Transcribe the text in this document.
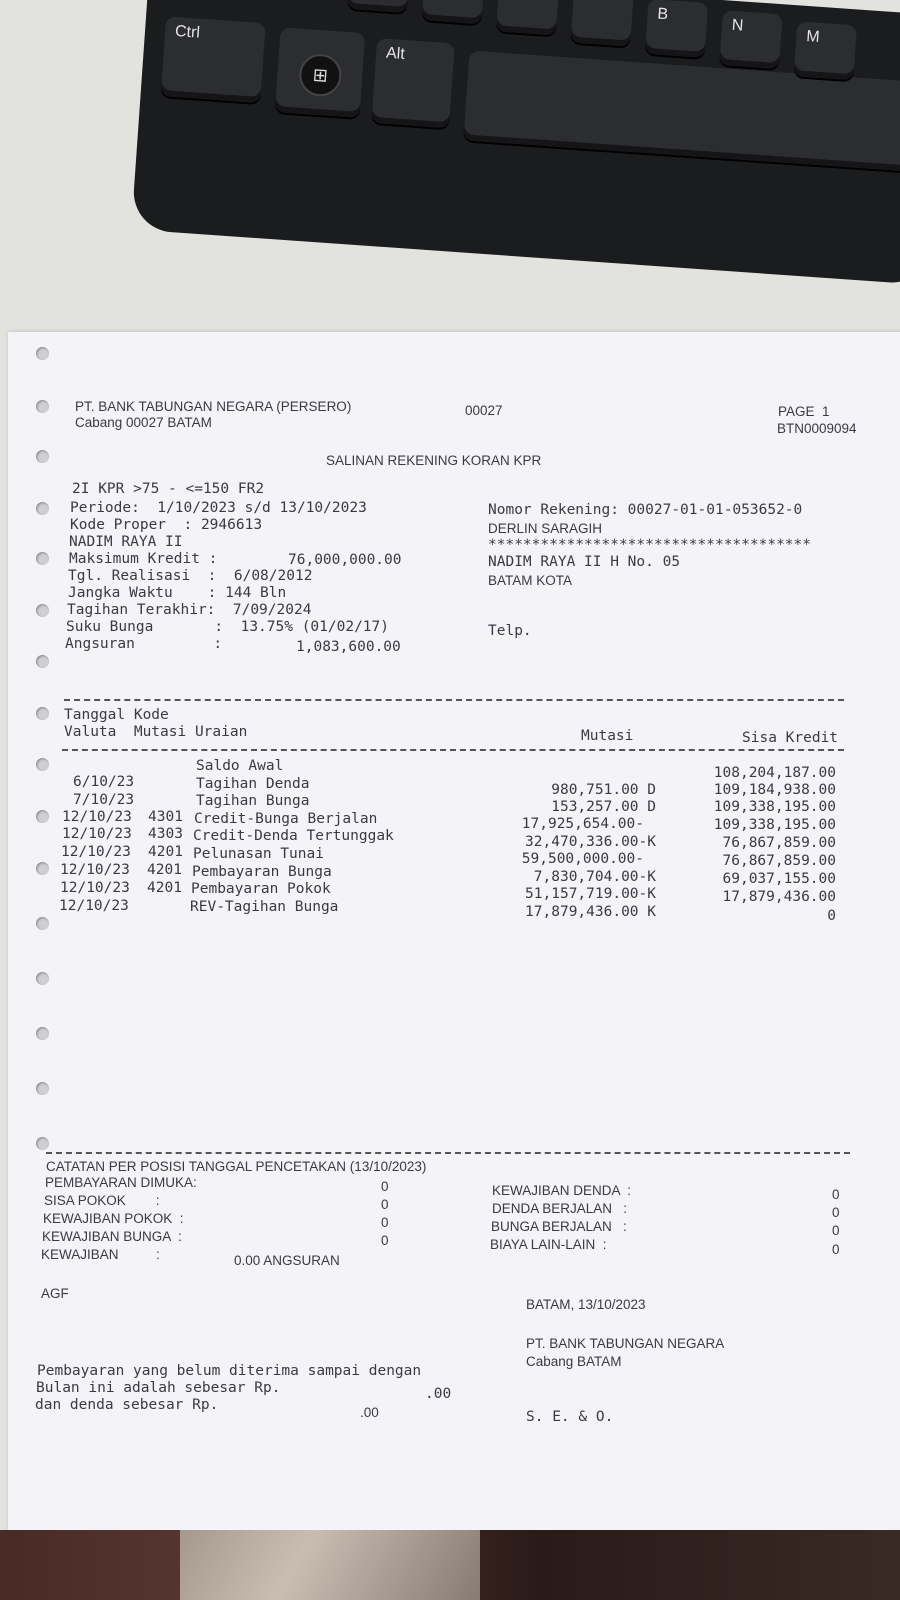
Ctrl
⊞
Alt
B
N
M
PT. BANK TABUNGAN NEGARA (PERSERO)
Cabang 00027 BATAM
00027	PAGE  1
BTN0009094
SALINAN REKENING KORAN KPR
2I KPR >75 - <=150 FR2
Periode:  1/10/2023 s/d 13/10/2023
Kode Proper  : 2946613
NADIM RAYA II
Maksimum Kredit :	76,000,000.00
Tgl. Realisasi  :  6/08/2012
Jangka Waktu    : 144 Bln
Tagihan Terakhir:  7/09/2024
Suku Bunga       :  13.75% (01/02/17)
Angsuran         :	1,083,600.00
Nomor Rekening: 00027-01-01-053652-0
DERLIN SARAGIH
*************************************
NADIM RAYA II H No. 05
BATAM KOTA
Telp.
Tanggal Kode
Valuta  Mutasi Uraian	Mutasi	Sisa Kredit
Saldo Awal	108,204,187.00
6/10/23	Tagihan Denda	980,751.00 D	109,184,938.00
7/10/23	Tagihan Bunga	153,257.00 D	109,338,195.00
12/10/23 4301 Credit-Bunga Berjalan	17,925,654.00-	109,338,195.00
12/10/23 4303 Credit-Denda Tertunggak	32,470,336.00-K	76,867,859.00
12/10/23 4201 Pelunasan Tunai	59,500,000.00-	76,867,859.00
12/10/23 4201 Pembayaran Bunga	7,830,704.00-K	69,037,155.00
12/10/23 4201 Pembayaran Pokok	51,157,719.00-K	17,879,436.00
12/10/23	REV-Tagihan Bunga	17,879,436.00 K	0
CATATAN PER POSISI TANGGAL PENCETAKAN (13/10/2023)
PEMBAYARAN DIMUKA:	0
SISA POKOK        :	0
KEWAJIBAN POKOK  :	0
KEWAJIBAN BUNGA  :	0
KEWAJIBAN          :	0.00 ANGSURAN
KEWAJIBAN DENDA  :	0
DENDA BERJALAN   :	0
BUNGA BERJALAN   :	0
BIAYA LAIN-LAIN  :	0
AGF
BATAM, 13/10/2023
PT. BANK TABUNGAN NEGARA
Cabang BATAM
Pembayaran yang belum diterima sampai dengan
Bulan ini adalah sebesar Rp.	.00
dan denda sebesar Rp.	.00	S. E. & O.
